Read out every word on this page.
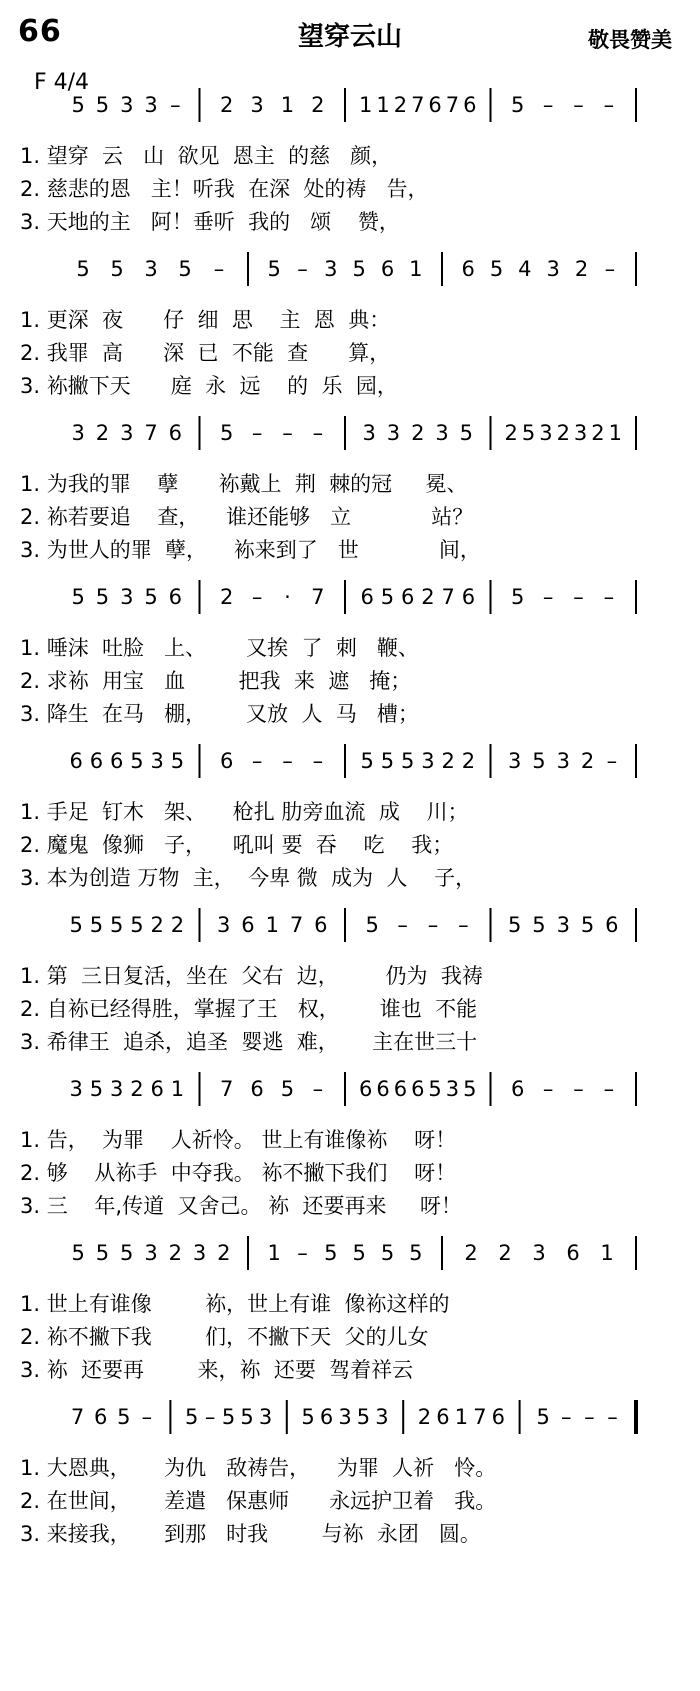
66	望穿云山	敬畏赞美
F 4/4
5 5 3 3 – 2 3 1 2 1 1 2 7 6 7 6 5 – – –
5 5 3 5 – 5 – 3 5 6 1 6 5 4 3 2 –
3 2 3 7 6 5 – – – 3 3 2 3 5 2 5 3 2 3 2 1
5 5 3 5 6 2 – · 7 6 5 6 2 7 6 5 – – –
6 6 6 5 3 5 6 – – – 5 5 5 3 2 2 3 5 3 2 –
5 5 5 5 2 2 3 6 1 7 6 5 – – – 5 5 3 5 6
3 5 3 2 6 1 7 6 5 – 6 6 6 6 5 3 5 6 – – –
5 5 5 3 2 3 2 1 – 5 5 5 5 2 2 3 6 1
7 6 5 – 5 – 5 5 3 5 6 3 5 3 2 6 1 7 6 5 – – –
1. 望穿  云   山  欲见  恩主  的慈   颜，
2. 慈悲的恩   主！听我  在深  处的祷   告，
3. 天地的主   阿！垂听  我的   颂    赞，
1. 更深  夜      仔  细  思    主  恩  典：
2. 我罪  高      深  已  不能  查      算，
3. 袮撇下天      庭  永  远    的  乐  园，
1. 为我的罪    孽      袮戴上  荆  棘的冠     冕、
2. 袮若要追    查，    谁还能够   立            站？
3. 为世人的罪  孽，    袮来到了   世            间，
1. 唾沫  吐脸   上、      又挨  了  刺   鞭、
2. 求袮  用宝   血        把我  来  遮   掩；
3. 降生  在马   棚，      又放  人  马   槽；
1. 手足  钉木   架、    枪扎 肋旁血流  成    川；
2. 魔鬼  像狮   子，    吼叫 要  吞    吃    我；
3. 本为创造 万物  主，  今卑 微  成为  人    子，
1. 第  三日复活，坐在  父右  边，       仍为  我祷
2. 自袮已经得胜，掌握了王   权，      谁也  不能
3. 希律王  追杀，追圣  婴逃  难，     主在世三十
1. 告，  为罪    人祈怜。 世上有谁像袮    呀！
2. 够    从袮手  中夺我。 袮不撇下我们    呀！
3. 三    年,传道  又舍己。 袮  还要再来     呀！
1. 世上有谁像        袮，世上有谁  像袮这样的
2. 袮不撇下我        们，不撇下天  父的儿女
3. 袮  还要再        来，袮  还要  驾着祥云
1. 大恩典，     为仇   敌祷告，    为罪  人祈   怜。
2. 在世间，     差遣   保惠师      永远护卫着   我。
3. 来接我，     到那   时我        与袮  永团   圆。
